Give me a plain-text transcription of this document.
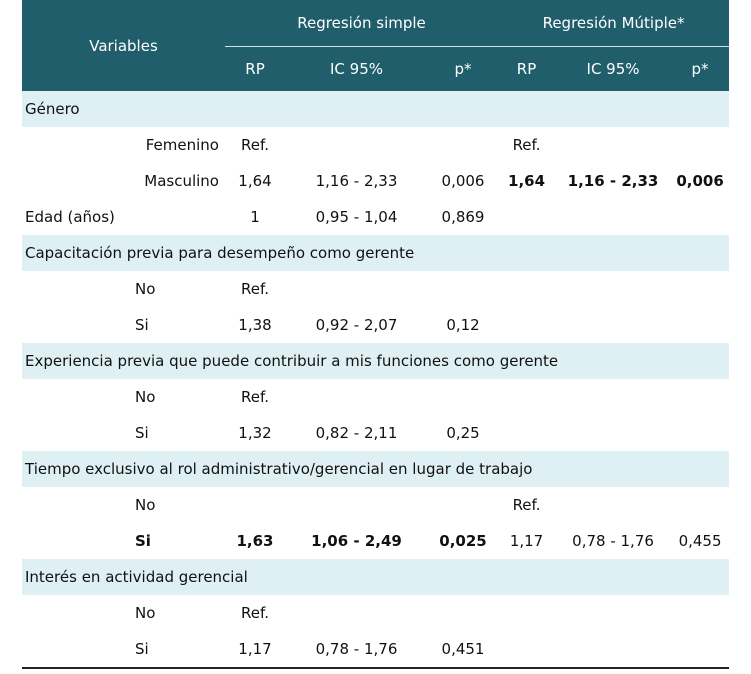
Variables	Regresión simple			Regresión Mútiple*		

	RP	IC 95%	p*	RP	IC 95%	p*
Género						
Femenino	Ref.			Ref.		
Masculino	1,64	1,16 - 2,33	0,006	1,64	1,16 - 2,33	0,006
Edad (años)	1	0,95 - 1,04	0,869			
Capacitación previa para desempeño como gerente						
No	Ref.					
Si	1,38	0,92 - 2,07	0,12			
Experiencia previa que puede contribuir a mis funciones como gerente						
No	Ref.					
Si	1,32	0,82 - 2,11	0,25			
Tiempo exclusivo al rol administrativo/gerencial en lugar de trabajo						
No				Ref.		
Si	1,63	1,06 - 2,49	0,025	1,17	0,78 - 1,76	0,455
Interés en actividad gerencial						
No	Ref.					
Si	1,17	0,78 - 1,76	0,451			
